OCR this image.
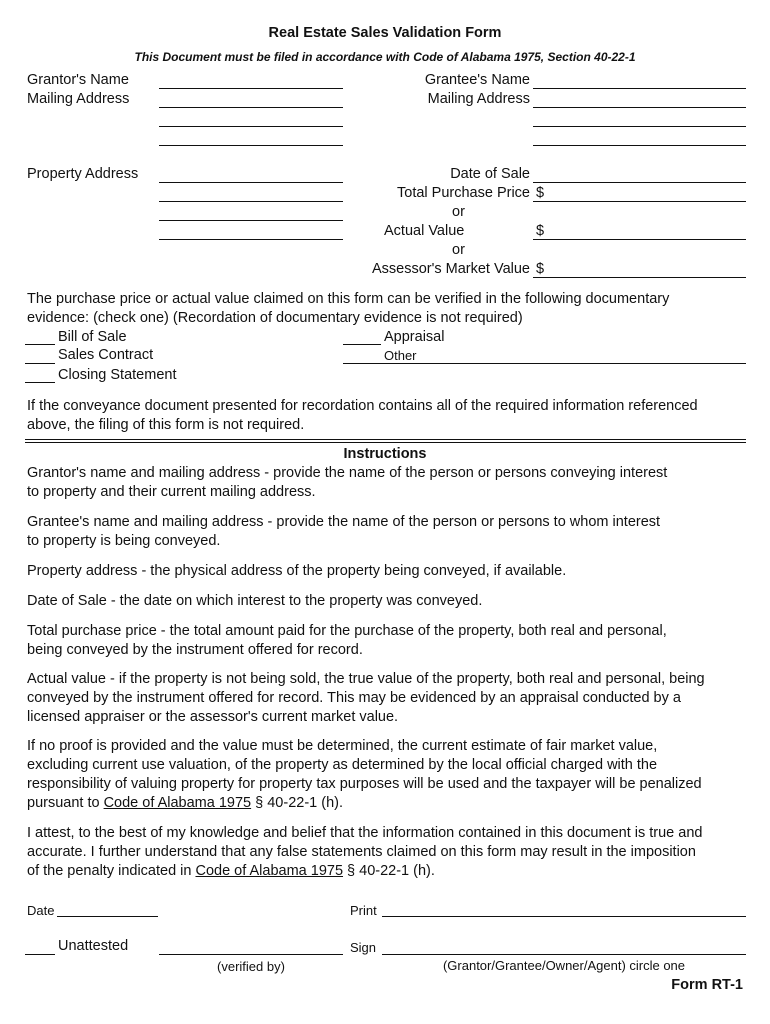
Real Estate Sales Validation Form
This Document must be filed in accordance with Code of Alabama 1975, Section 40-22-1
Grantor's Name
Mailing Address
Grantee's Name
Mailing Address
Property Address	Date of Sale
Total Purchase Price $
or
Actual Value	$
or
Assessor's Market Value $
The purchase price or actual value claimed on this form can be verified in the following documentary
evidence: (check one) (Recordation of documentary evidence is not required)
Bill of Sale
Sales Contract
Closing Statement
Appraisal
Other
If the conveyance document presented for recordation contains all of the required information referenced
above, the filing of this form is not required.
Instructions
Grantor's name and mailing address - provide the name of the person or persons conveying interest
to property and their current mailing address.
Grantee's name and mailing address - provide the name of the person or persons to whom interest
to property is being conveyed.
Property address - the physical address of the property being conveyed, if available.
Date of Sale - the date on which interest to the property was conveyed.
Total purchase price - the total amount paid for the purchase of the property, both real and personal,
being conveyed by the instrument offered for record.
Actual value - if the property is not being sold, the true value of the property, both real and personal, being
conveyed by the instrument offered for record. This may be evidenced by an appraisal conducted by a
licensed appraiser or the assessor's current market value.
If no proof is provided and the value must be determined, the current estimate of fair market value,
excluding current use valuation, of the property as determined by the local official charged with the
responsibility of valuing property for property tax purposes will be used and the taxpayer will be penalized
pursuant to Code of Alabama 1975 § 40-22-1 (h).
I attest, to the best of my knowledge and belief that the information contained in this document is true and
accurate. I further understand that any false statements claimed on this form may result in the imposition
of the penalty indicated in Code of Alabama 1975 § 40-22-1 (h).
Date	Print
Unattested
(verified by)
Sign
(Grantor/Grantee/Owner/Agent) circle one
Form RT-1
